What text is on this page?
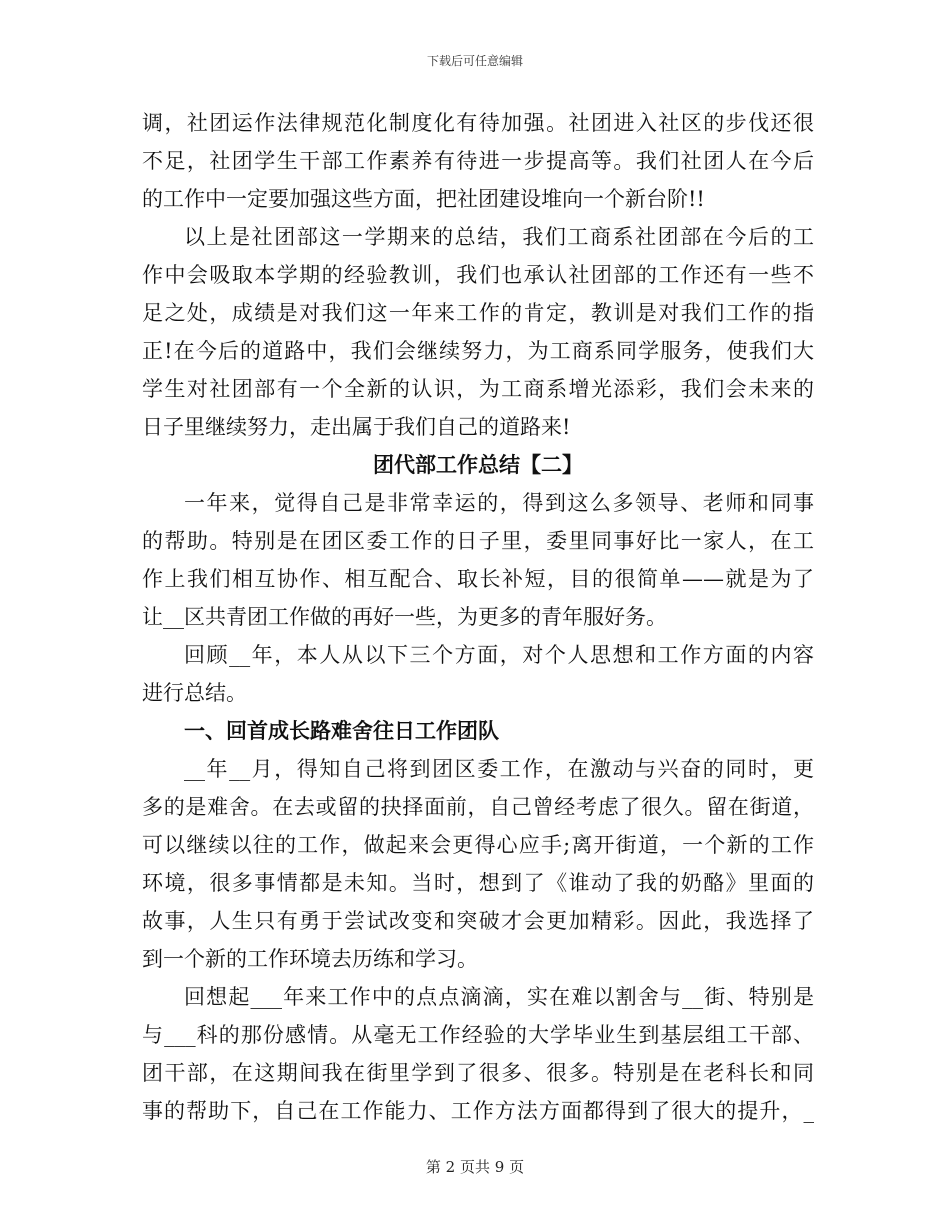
下载后可任意编辑
调，社团运作法律规范化制度化有待加强。社团进入社区的步伐还很
不足，社团学生干部工作素养有待进一步提高等。我们社团人在今后
的工作中一定要加强这些方面，把社团建设堆向一个新台阶!!
以上是社团部这一学期来的总结，我们工商系社团部在今后的工
作中会吸取本学期的经验教训，我们也承认社团部的工作还有一些不
足之处，成绩是对我们这一年来工作的肯定，教训是对我们工作的指
正!在今后的道路中，我们会继续努力，为工商系同学服务，使我们大
学生对社团部有一个全新的认识，为工商系增光添彩，我们会未来的
日子里继续努力，走出属于我们自己的道路来!
团代部工作总结【二】
一年来，觉得自己是非常幸运的，得到这么多领导、老师和同事
的帮助。特别是在团区委工作的日子里，委里同事好比一家人，在工
作上我们相互协作、相互配合、取长补短，目的很简单——就是为了
让__区共青团工作做的再好一些，为更多的青年服好务。
回顾__年，本人从以下三个方面，对个人思想和工作方面的内容
进行总结。
一、回首成长路难舍往日工作团队
__年__月，得知自己将到团区委工作，在激动与兴奋的同时，更
多的是难舍。在去或留的抉择面前，自己曾经考虑了很久。留在街道，
可以继续以往的工作，做起来会更得心应手;离开街道，一个新的工作
环境，很多事情都是未知。当时，想到了《谁动了我的奶酪》里面的
故事，人生只有勇于尝试改变和突破才会更加精彩。因此，我选择了
到一个新的工作环境去历练和学习。
回想起___年来工作中的点点滴滴，实在难以割舍与__街、特别是
与___科的那份感情。从毫无工作经验的大学毕业生到基层组工干部、
团干部，在这期间我在街里学到了很多、很多。特别是在老科长和同
事的帮助下，自己在工作能力、工作方法方面都得到了很大的提升，_
第 2 页共 9 页
